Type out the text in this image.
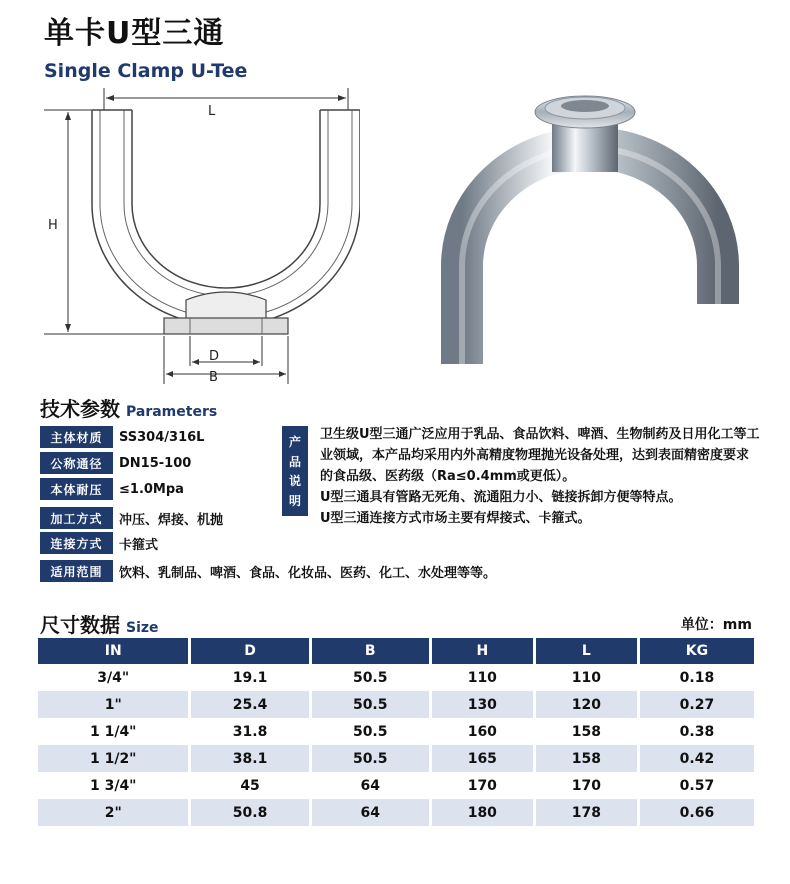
单卡U型三通
Single Clamp U-Tee
L
H
D
B
技术参数 Parameters
主体材质	SS304/316L
公称通径	DN15-100
本体耐压	≤1.0Mpa
加工方式	冲压、焊接、机抛
连接方式	卡箍式
适用范围	饮料、乳制品、啤酒、食品、化妆品、医药、化工、水处理等等。
产
品
说
明

卫生级U型三通广泛应用于乳品、食品饮料、啤酒、生物制药及日用化工等工业领域，本产品均采用内外高精度物理抛光设备处理，达到表面精密度要求的食品级、医药级（Ra≤0.4mm或更低）。

U型三通具有管路无死角、流通阻力小、链接拆卸方便等特点。

U型三通连接方式市场主要有焊接式、卡箍式。

尺寸数据 Size	单位：mm
IN	D	B	H	L	KG
3/4"	19.1	50.5	110	110	0.18
1"	25.4	50.5	130	120	0.27
1 1/4"	31.8	50.5	160	158	0.38
1 1/2"	38.1	50.5	165	158	0.42
1 3/4"	45	64	170	170	0.57
2"	50.8	64	180	178	0.66
